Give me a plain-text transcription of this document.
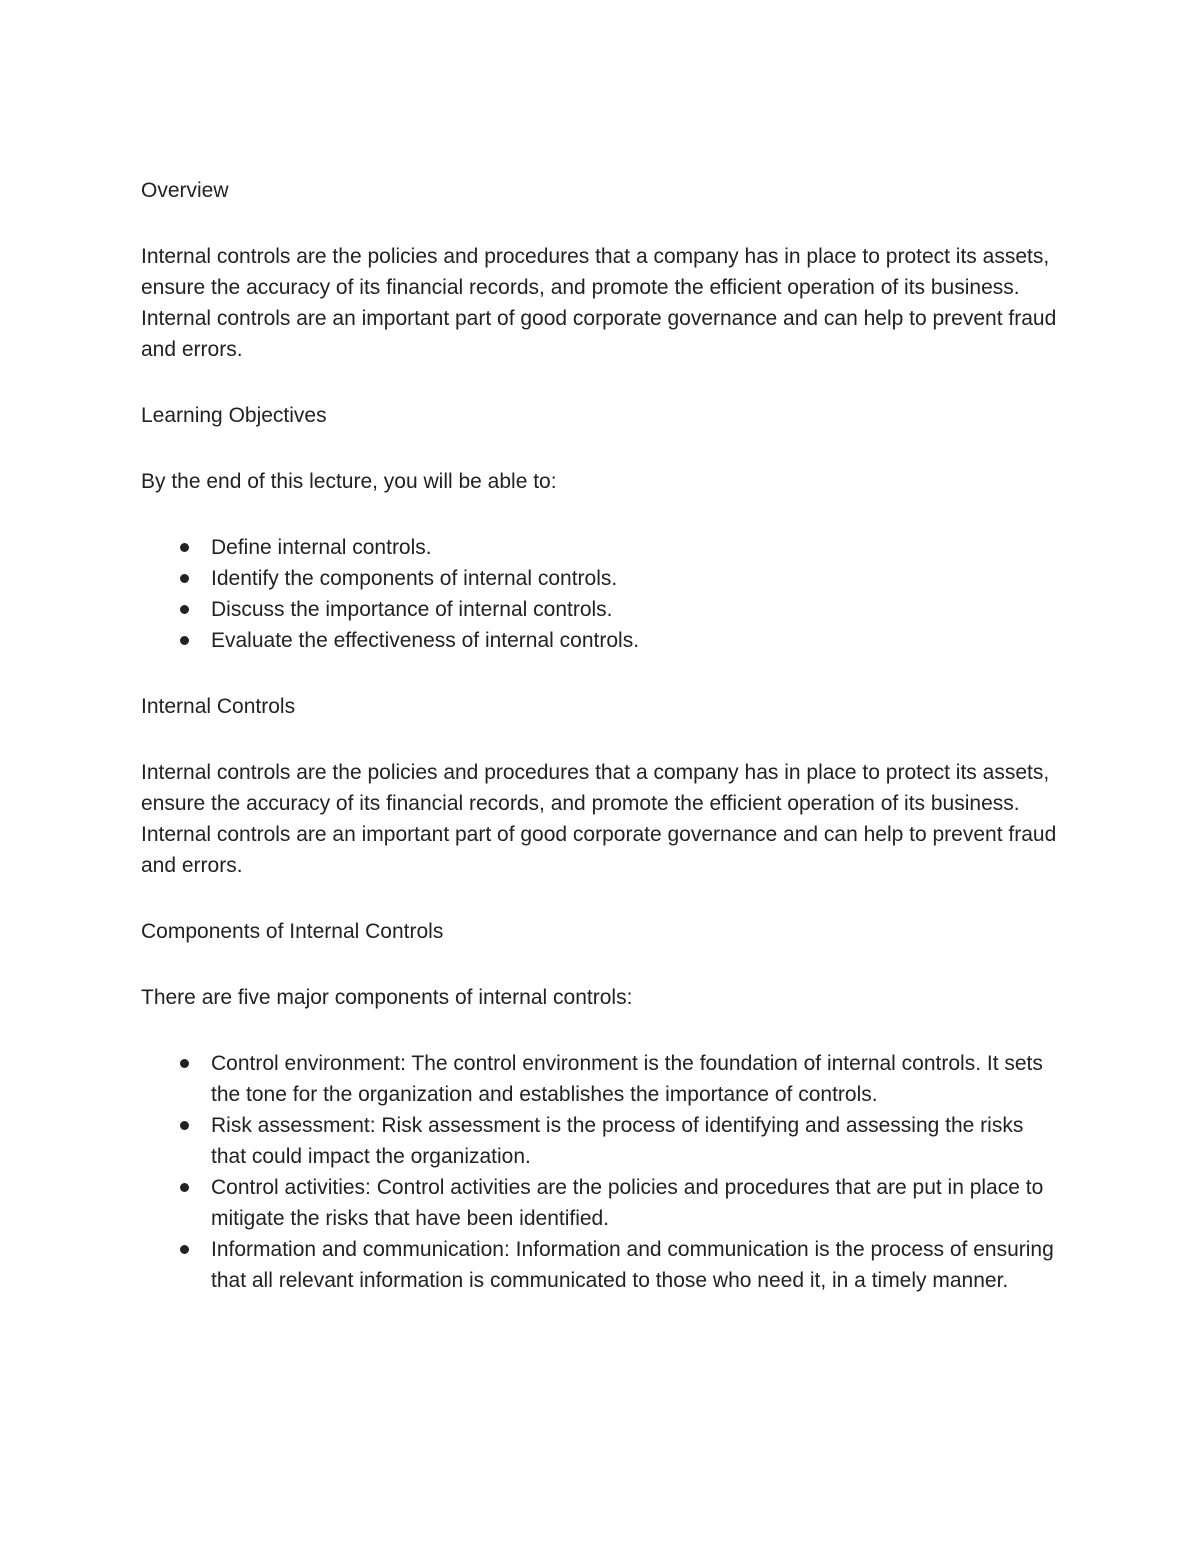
Overview
Internal controls are the policies and procedures that a company has in place to protect its assets, ensure the accuracy of its financial records, and promote the efficient operation of its business. Internal controls are an important part of good corporate governance and can help to prevent fraud and errors.
Learning Objectives
By the end of this lecture, you will be able to:
Define internal controls.
Identify the components of internal controls.
Discuss the importance of internal controls.
Evaluate the effectiveness of internal controls.
Internal Controls
Internal controls are the policies and procedures that a company has in place to protect its assets, ensure the accuracy of its financial records, and promote the efficient operation of its business. Internal controls are an important part of good corporate governance and can help to prevent fraud and errors.
Components of Internal Controls
There are five major components of internal controls:
Control environment: The control environment is the foundation of internal controls. It sets the tone for the organization and establishes the importance of controls.
Risk assessment: Risk assessment is the process of identifying and assessing the risks that could impact the organization.
Control activities: Control activities are the policies and procedures that are put in place to mitigate the risks that have been identified.
Information and communication: Information and communication is the process of ensuring that all relevant information is communicated to those who need it, in a timely manner.
